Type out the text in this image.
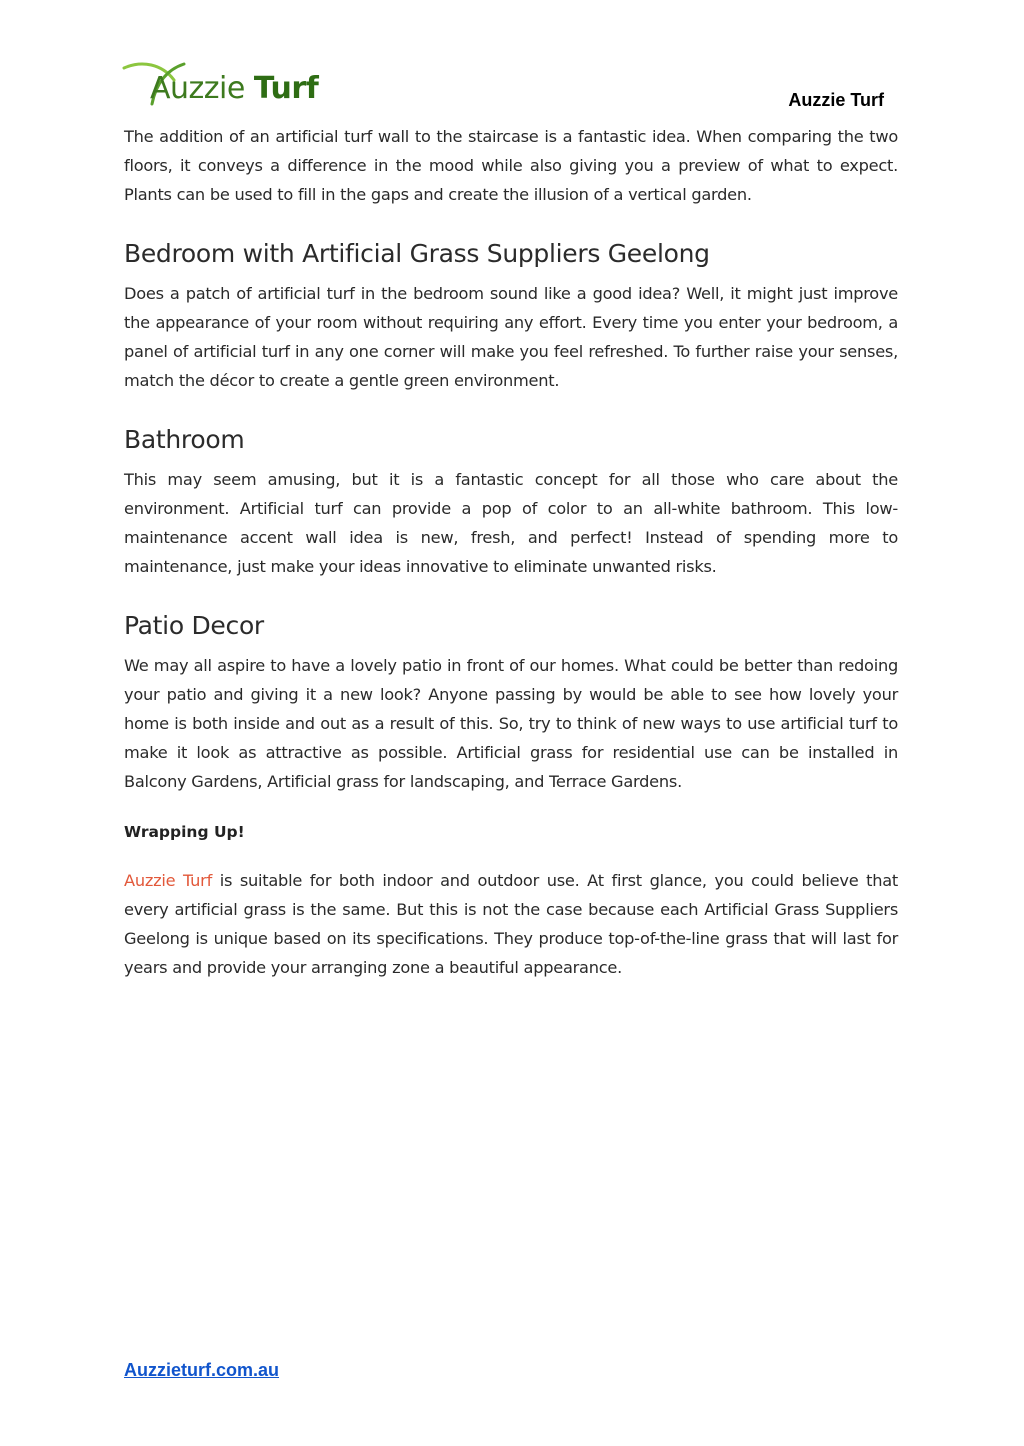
Auzzie Turf	Auzzie Turf

The addition of an artificial turf wall to the staircase is a fantastic idea. When comparing the two floors, it conveys a difference in the mood while also giving you a preview of what to expect. Plants can be used to fill in the gaps and create the illusion of a vertical garden.

Bedroom with Artificial Grass Suppliers Geelong

Does a patch of artificial turf in the bedroom sound like a good idea? Well, it might just improve the appearance of your room without requiring any effort. Every time you enter your bedroom, a panel of artificial turf in any one corner will make you feel refreshed. To further raise your senses, match the décor to create a gentle green environment.

Bathroom

This may seem amusing, but it is a fantastic concept for all those who care about the environment. Artificial turf can provide a pop of color to an all-white bathroom. This low-maintenance accent wall idea is new, fresh, and perfect! Instead of spending more to maintenance, just make your ideas innovative to eliminate unwanted risks.

Patio Decor

We may all aspire to have a lovely patio in front of our homes. What could be better than redoing your patio and giving it a new look? Anyone passing by would be able to see how lovely your home is both inside and out as a result of this. So, try to think of new ways to use artificial turf to make it look as attractive as possible. Artificial grass for residential use can be installed in Balcony Gardens, Artificial grass for landscaping, and Terrace Gardens.

Wrapping Up!

Auzzie Turf is suitable for both indoor and outdoor use. At first glance, you could believe that every artificial grass is the same. But this is not the case because each Artificial Grass Suppliers Geelong is unique based on its specifications. They produce top-of-the-line grass that will last for years and provide your arranging zone a beautiful appearance.

Auzzieturf.com.au
